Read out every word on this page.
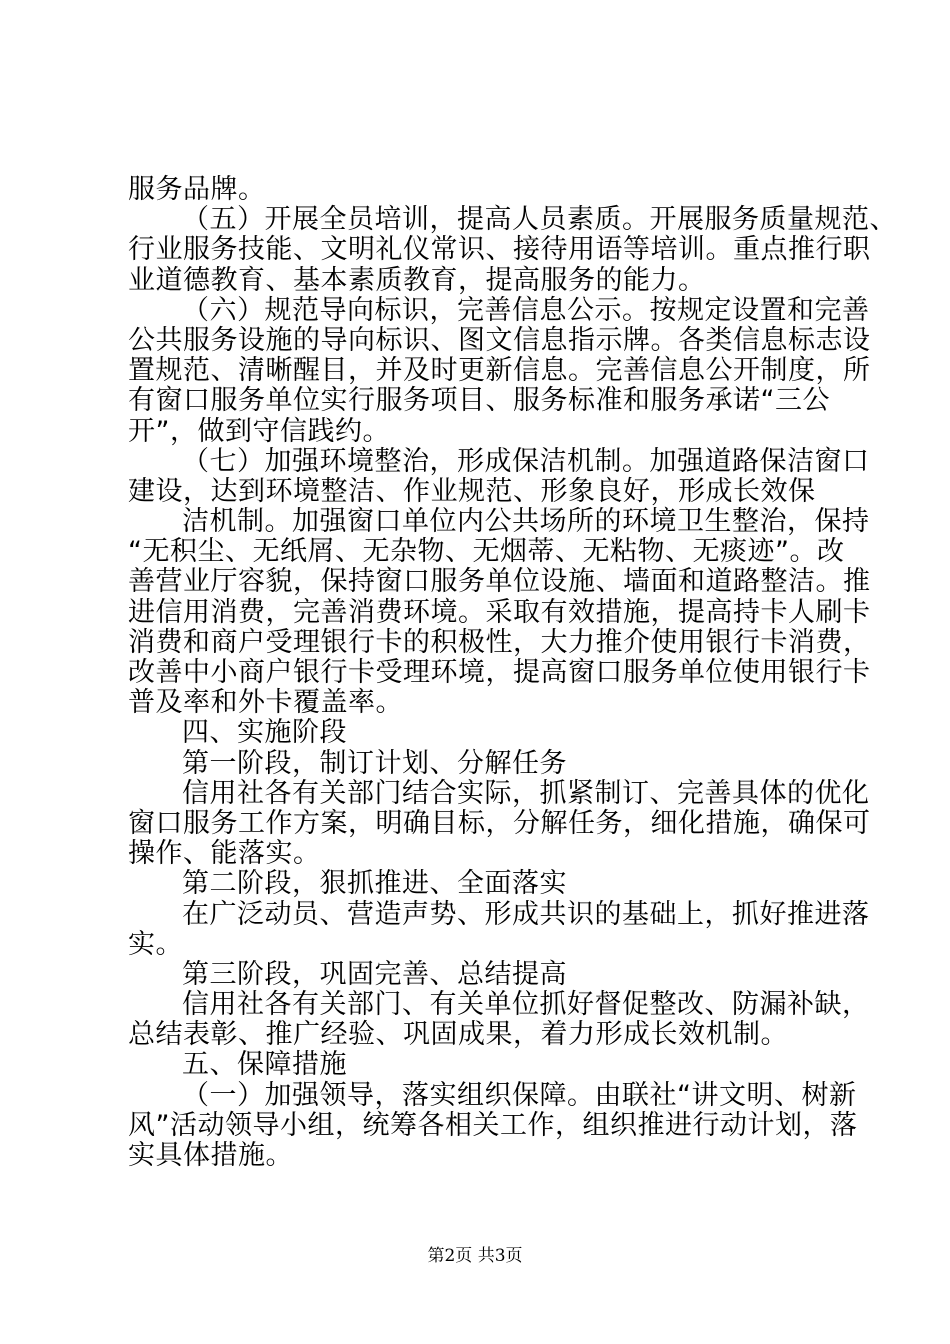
服务品牌。
（五）开展全员培训，提高人员素质。开展服务质量规范、
行业服务技能、文明礼仪常识、接待用语等培训。重点推行职
业道德教育、基本素质教育，提高服务的能力。
（六）规范导向标识，完善信息公示。按规定设置和完善
公共服务设施的导向标识、图文信息指示牌。各类信息标志设
置规范、清晰醒目，并及时更新信息。完善信息公开制度，所
有窗口服务单位实行服务项目、服务标准和服务承诺“三公
开”，做到守信践约。
（七）加强环境整治，形成保洁机制。加强道路保洁窗口
建设，达到环境整洁、作业规范、形象良好，形成长效保
洁机制。加强窗口单位内公共场所的环境卫生整治，保持
“无积尘、无纸屑、无杂物、无烟蒂、无粘物、无痰迹”。改
善营业厅容貌，保持窗口服务单位设施、墙面和道路整洁。推
进信用消费，完善消费环境。采取有效措施，提高持卡人刷卡
消费和商户受理银行卡的积极性，大力推介使用银行卡消费，
改善中小商户银行卡受理环境，提高窗口服务单位使用银行卡
普及率和外卡覆盖率。
四、实施阶段
第一阶段，制订计划、分解任务
信用社各有关部门结合实际，抓紧制订、完善具体的优化
窗口服务工作方案，明确目标，分解任务，细化措施，确保可
操作、能落实。
第二阶段，狠抓推进、全面落实
在广泛动员、营造声势、形成共识的基础上，抓好推进落
实。
第三阶段，巩固完善、总结提高
信用社各有关部门、有关单位抓好督促整改、防漏补缺，
总结表彰、推广经验、巩固成果，着力形成长效机制。
五、保障措施
（一）加强领导，落实组织保障。由联社“讲文明、树新
风”活动领导小组，统筹各相关工作，组织推进行动计划，落
实具体措施。
第2页 共3页
